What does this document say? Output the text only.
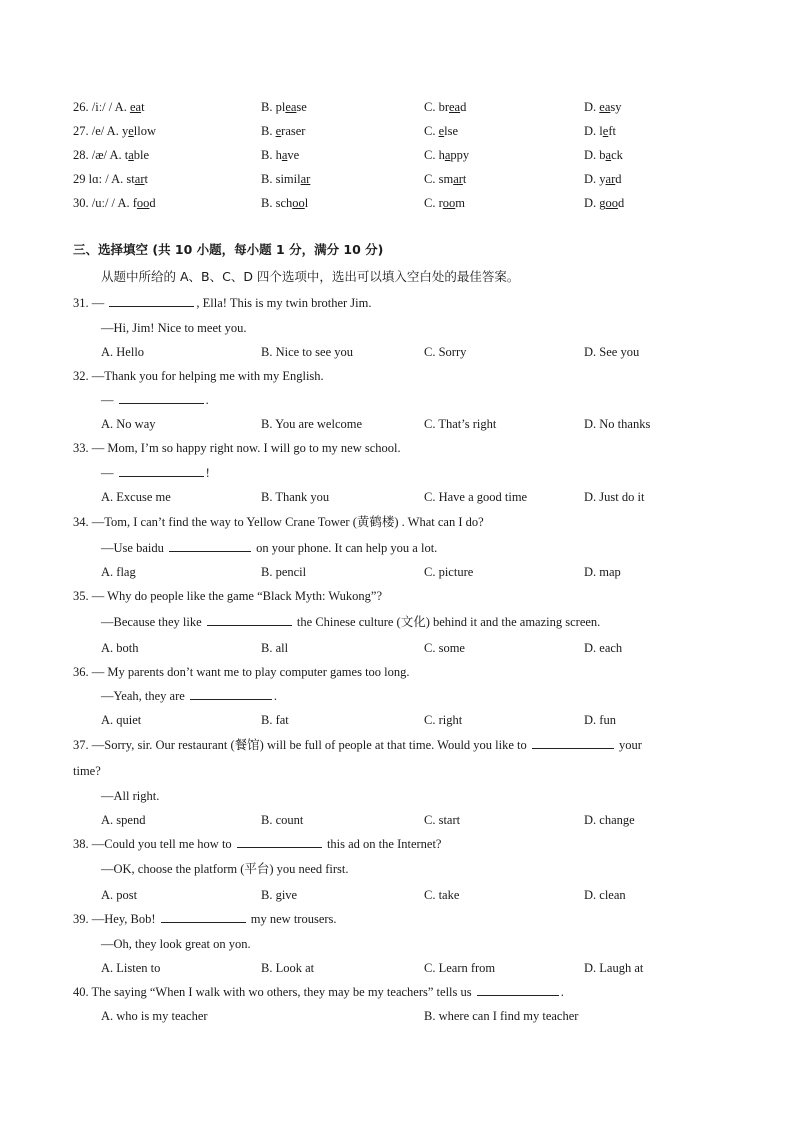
26. /iː/ / A. eat	B. please	C. bread	D. easy
27. /e/ A. yellow	B. eraser	C. else	D. left
28. /æ/ A. table	B. have	C. happy	D. back
29 lɑ: / A. start	B. similar	C. smart	D. yard
30. /uː/ / A. food	B. school	C. room	D. good
三、选择填空 (共 10 小题，每小题 1 分，满分 10 分)
从题中所给的 A、B、C、D 四个选项中，选出可以填入空白处的最佳答案。
31. —	, Ella! This is my twin brother Jim.
—Hi, Jim! Nice to meet you.
A. Hello	B. Nice to see you	C. Sorry	D. See you
32. —Thank you for helping me with my English.
—	.
A. No way	B. You are welcome	C. That’s right	D. No thanks
33. — Mom, I’m so happy right now. I will go to my new school.
—	!
A. Excuse me	B. Thank you	C. Have a good time	D. Just do it
34. —Tom, I can’t find the way to Yellow Crane Tower (黄鹤楼) . What can I do?
—Use baidu	on your phone. It can help you a lot.
A. flag	B. pencil	C. picture	D. map
35. — Why do people like the game “Black Myth: Wukong”?
—Because they like	the Chinese culture (文化) behind it and the amazing screen.
A. both	B. all	C. some	D. each
36. — My parents don’t want me to play computer games too long.
—Yeah, they are	.
A. quiet	B. fat	C. right	D. fun
37. —Sorry, sir. Our restaurant (餐馆) will be full of people at that time. Would you like to	your
time?
—All right.
A. spend	B. count	C. start	D. change
38. —Could you tell me how to	this ad on the Internet?
—OK, choose the platform (平台) you need first.
A. post	B. give	C. take	D. clean
39. —Hey, Bob!	my new trousers.
—Oh, they look great on yon.
A. Listen to	B. Look at	C. Learn from	D. Laugh at
40. The saying “When I walk with wo others, they may be my teachers” tells us	.
A. who is my teacher	B. where can I find my teacher
